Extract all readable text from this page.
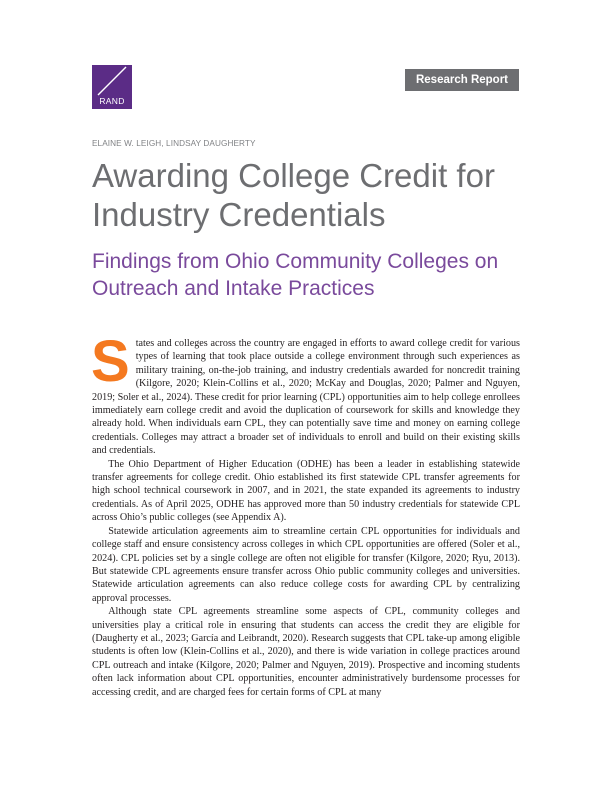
RAND
Research Report
ELAINE W. LEIGH, LINDSAY DAUGHERTY
Awarding College Credit for Industry Credentials
Findings from Ohio Community Colleges on Outreach and Intake Practices

States and colleges across the country are engaged in efforts to award college credit for various types of learning that took place outside a college environment through such experiences as military training, on-the-job training, and industry credentials awarded for noncredit training (Kilgore, 2020; Klein-Collins et al., 2020; McKay and Douglas, 2020; Palmer and Nguyen, 2019; Soler et al., 2024). These credit for prior learning (CPL) opportunities aim to help college enrollees immediately earn college credit and avoid the duplication of coursework for skills and knowledge they already hold. When individuals earn CPL, they can potentially save time and money on earning college credentials. Colleges may attract a broader set of individuals to enroll and build on their existing skills and credentials.

The Ohio Department of Higher Education (ODHE) has been a leader in establishing statewide transfer agreements for college credit. Ohio established its first statewide CPL transfer agreements for high school technical coursework in 2007, and in 2021, the state expanded its agreements to industry credentials. As of April 2025, ODHE has approved more than 50 industry credentials for statewide CPL across Ohio’s public colleges (see Appendix A).

Statewide articulation agreements aim to streamline certain CPL opportunities for individuals and college staff and ensure consistency across colleges in which CPL opportunities are offered (Soler et al., 2024). CPL policies set by a single college are often not eligible for transfer (Kilgore, 2020; Ryu, 2013). But statewide CPL agreements ensure transfer across Ohio public community colleges and universities. Statewide articulation agreements can also reduce college costs for awarding CPL by centralizing approval processes.

Although state CPL agreements streamline some aspects of CPL, community colleges and universities play a critical role in ensuring that students can access the credit they are eligible for (Daugherty et al., 2023; García and Leibrandt, 2020). Research suggests that CPL take-up among eligible students is often low (Klein-Collins et al., 2020), and there is wide variation in college practices around CPL outreach and intake (Kilgore, 2020; Palmer and Nguyen, 2019). Prospective and incoming students often lack information about CPL opportunities, encounter administratively burdensome processes for accessing credit, and are charged fees for certain forms of CPL at many
